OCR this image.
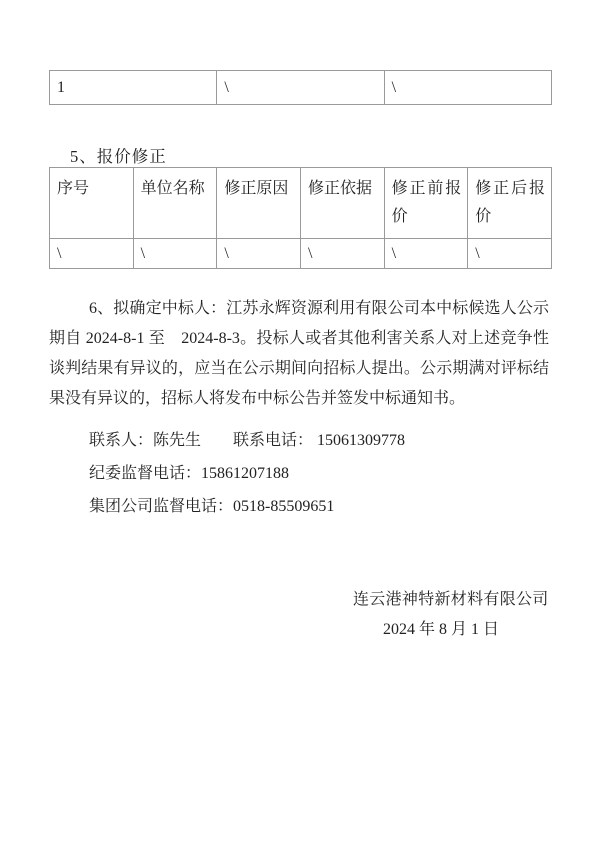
1	\	\
5、报价修正
序号	单位名称	修正原因	修正依据	修正前报价	修正后报价
\	\	\	\	\	\

6、拟确定中标人：江苏永辉资源利用有限公司本中标候选人公示期自 2024-8-1 至　2024-8-3。投标人或者其他利害关系人对上述竞争性谈判结果有异议的，应当在公示期间向招标人提出。公示期满对评标结果没有异议的，招标人将发布中标公告并签发中标通知书。

联系人：陈先生　　联系电话： 15061309778
纪委监督电话：15861207188
集团公司监督电话：0518-85509651
连云港神特新材料有限公司
2024 年 8 月 1 日
